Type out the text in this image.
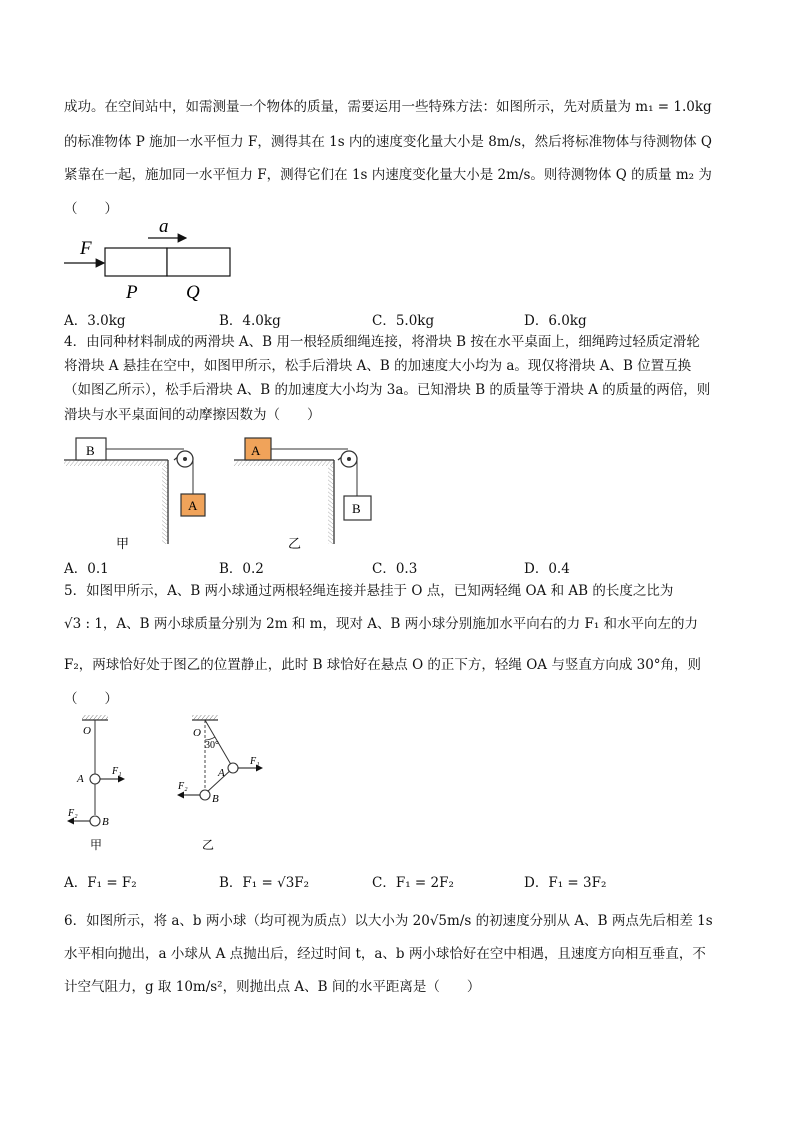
成功。在空间站中，如需测量一个物体的质量，需要运用一些特殊方法：如图所示，先对质量为 m₁ = 1.0kg
的标准物体 P 施加一水平恒力 F，测得其在 1s 内的速度变化量大小是 8m/s，然后将标准物体与待测物体 Q
紧靠在一起，施加同一水平恒力 F，测得它们在 1s 内速度变化量大小是 2m/s。则待测物体 Q 的质量 m₂ 为
（　　）
a
F
P	Q
A．3.0kg	B．4.0kg	C．5.0kg	D．6.0kg
4．由同种材料制成的两滑块 A、B 用一根轻质细绳连接，将滑块 B 按在水平桌面上，细绳跨过轻质定滑轮
将滑块 A 悬挂在空中，如图甲所示，松手后滑块 A、B 的加速度大小均为 a。现仅将滑块 A、B 位置互换
（如图乙所示），松手后滑块 A、B 的加速度大小均为 3a。已知滑块 B 的质量等于滑块 A 的质量的两倍，则
滑块与水平桌面间的动摩擦因数为（　　）
B
A
甲
A
B
乙
A．0.1	B．0.2	C．0.3	D．0.4
5．如图甲所示，A、B 两小球通过两根轻绳连接并悬挂于 O 点，已知两轻绳 OA 和 AB 的长度之比为
√3 : 1，A、B 两小球质量分别为 2m 和 m，现对 A、B 两小球分别施加水平向右的力 F₁ 和水平向左的力
F₂，两球恰好处于图乙的位置静止，此时 B 球恰好在悬点 O 的正下方，轻绳 OA 与竖直方向成 30°角，则
（　　）
O
A
F₁
B
F₂
甲
O
30°
A
F₁
B
F₂
乙
A．F₁ = F₂	B．F₁ = √3F₂	C．F₁ = 2F₂	D．F₁ = 3F₂
6．如图所示，将 a、b 两小球（均可视为质点）以大小为 20√5m/s 的初速度分别从 A、B 两点先后相差 1s
水平相向抛出，a 小球从 A 点抛出后，经过时间 t，a、b 两小球恰好在空中相遇，且速度方向相互垂直，不
计空气阻力，g 取 10m/s²，则抛出点 A、B 间的水平距离是（　　）
